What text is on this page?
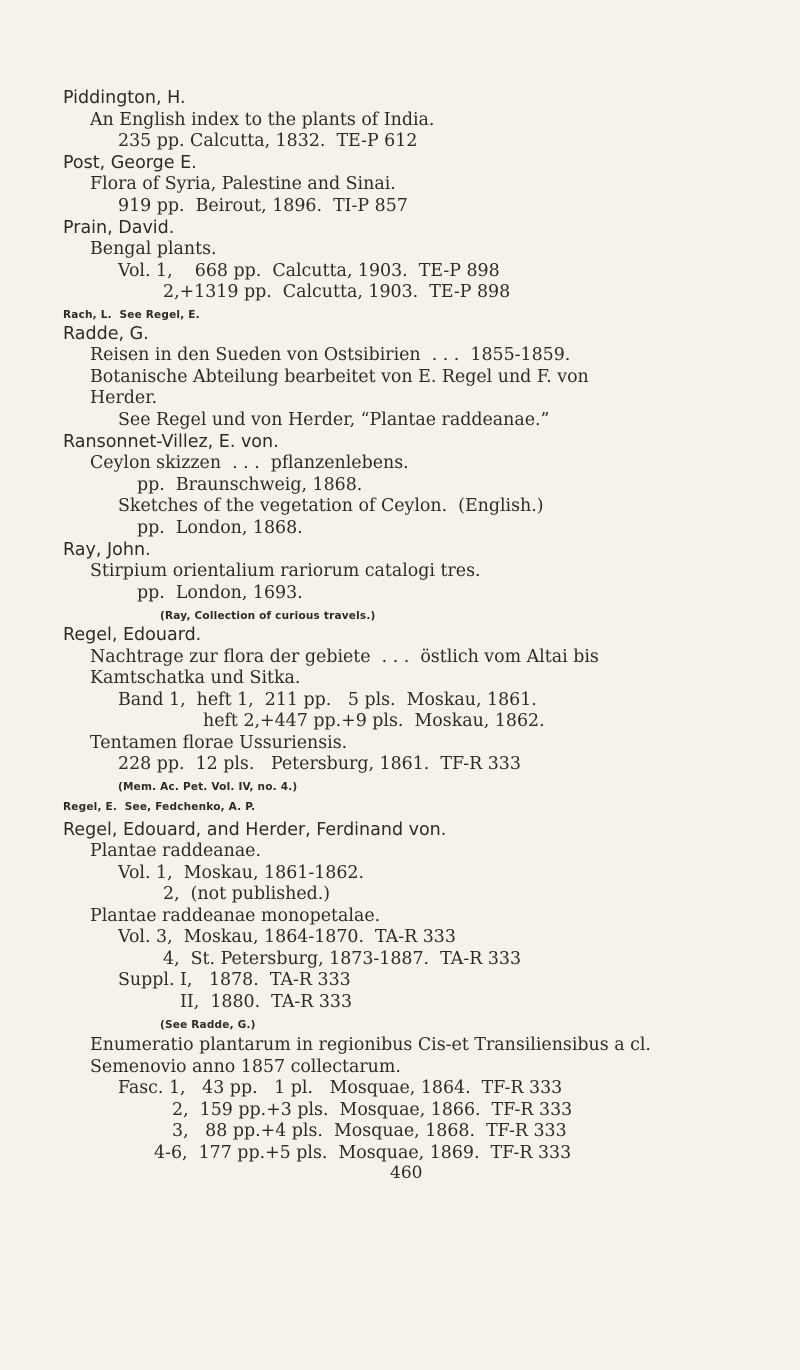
Piddington, H.
An English index to the plants of India.
235 pp. Calcutta, 1832.  TE-P 612
Post, George E.
Flora of Syria, Palestine and Sinai.
919 pp.  Beirout, 1896.  TI-P 857
Prain, David.
Bengal plants.
Vol. 1,    668 pp.  Calcutta, 1903.  TE-P 898
2,+1319 pp.  Calcutta, 1903.  TE-P 898
Rach, L.  See Regel, E.
Radde, G.
Reisen in den Sueden von Ostsibirien  . . .  1855-1859.
Botanische Abteilung bearbeitet von E. Regel und F. von
Herder.
See Regel und von Herder, “Plantae raddeanae.”
Ransonnet-Villez, E. von.
Ceylon skizzen  . . .  pflanzenlebens.
pp.  Braunschweig, 1868.
Sketches of the vegetation of Ceylon.  (English.)
pp.  London, 1868.
Ray, John.
Stirpium orientalium rariorum catalogi tres.
pp.  London, 1693.
(Ray, Collection of curious travels.)
Regel, Edouard.
Nachtrage zur flora der gebiete  . . .  östlich vom Altai bis
Kamtschatka und Sitka.
Band 1,  heft 1,  211 pp.   5 pls.  Moskau, 1861.
heft 2,+447 pp.+9 pls.  Moskau, 1862.
Tentamen florae Ussuriensis.
228 pp.  12 pls.   Petersburg, 1861.  TF-R 333
(Mem. Ac. Pet. Vol. IV, no. 4.)
Regel, E.  See, Fedchenko, A. P.
Regel, Edouard, and Herder, Ferdinand von.
Plantae raddeanae.
Vol. 1,  Moskau, 1861-1862.
2,  (not published.)
Plantae raddeanae monopetalae.
Vol. 3,  Moskau, 1864-1870.  TA-R 333
4,  St. Petersburg, 1873-1887.  TA-R 333
Suppl. I,   1878.  TA-R 333
II,  1880.  TA-R 333
(See Radde, G.)
Enumeratio plantarum in regionibus Cis-et Transiliensibus a cl.
Semenovio anno 1857 collectarum.
Fasc. 1,   43 pp.   1 pl.   Mosquae, 1864.  TF-R 333
2,  159 pp.+3 pls.  Mosquae, 1866.  TF-R 333
3,   88 pp.+4 pls.  Mosquae, 1868.  TF-R 333
4-6,  177 pp.+5 pls.  Mosquae, 1869.  TF-R 333
460
